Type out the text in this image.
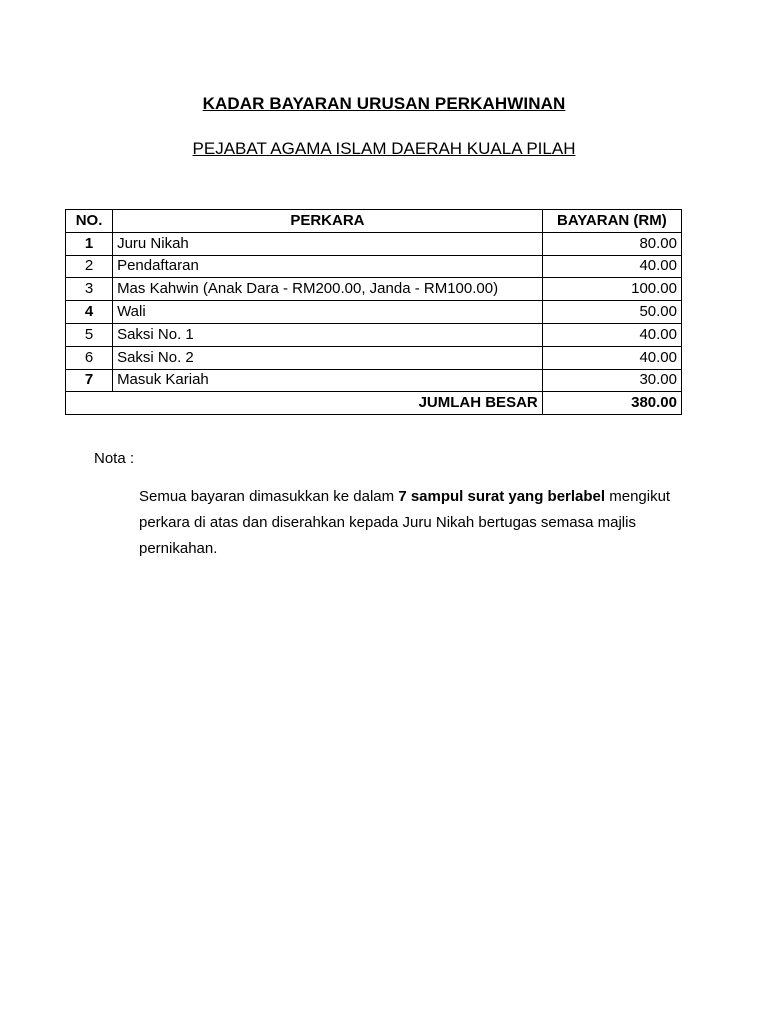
KADAR BAYARAN URUSAN PERKAHWINAN
PEJABAT AGAMA ISLAM DAERAH KUALA PILAH
NO.	PERKARA	BAYARAN (RM)
1	Juru Nikah	80.00
2	Pendaftaran	40.00
3	Mas Kahwin (Anak Dara - RM200.00, Janda - RM100.00)	100.00
4	Wali	50.00
5	Saksi No. 1	40.00
6	Saksi No. 2	40.00
7	Masuk Kariah	30.00
JUMLAH BESAR		380.00
Nota :
Semua bayaran dimasukkan ke dalam 7 sampul surat yang berlabel mengikut perkara di atas dan diserahkan kepada Juru Nikah bertugas semasa majlis pernikahan.
